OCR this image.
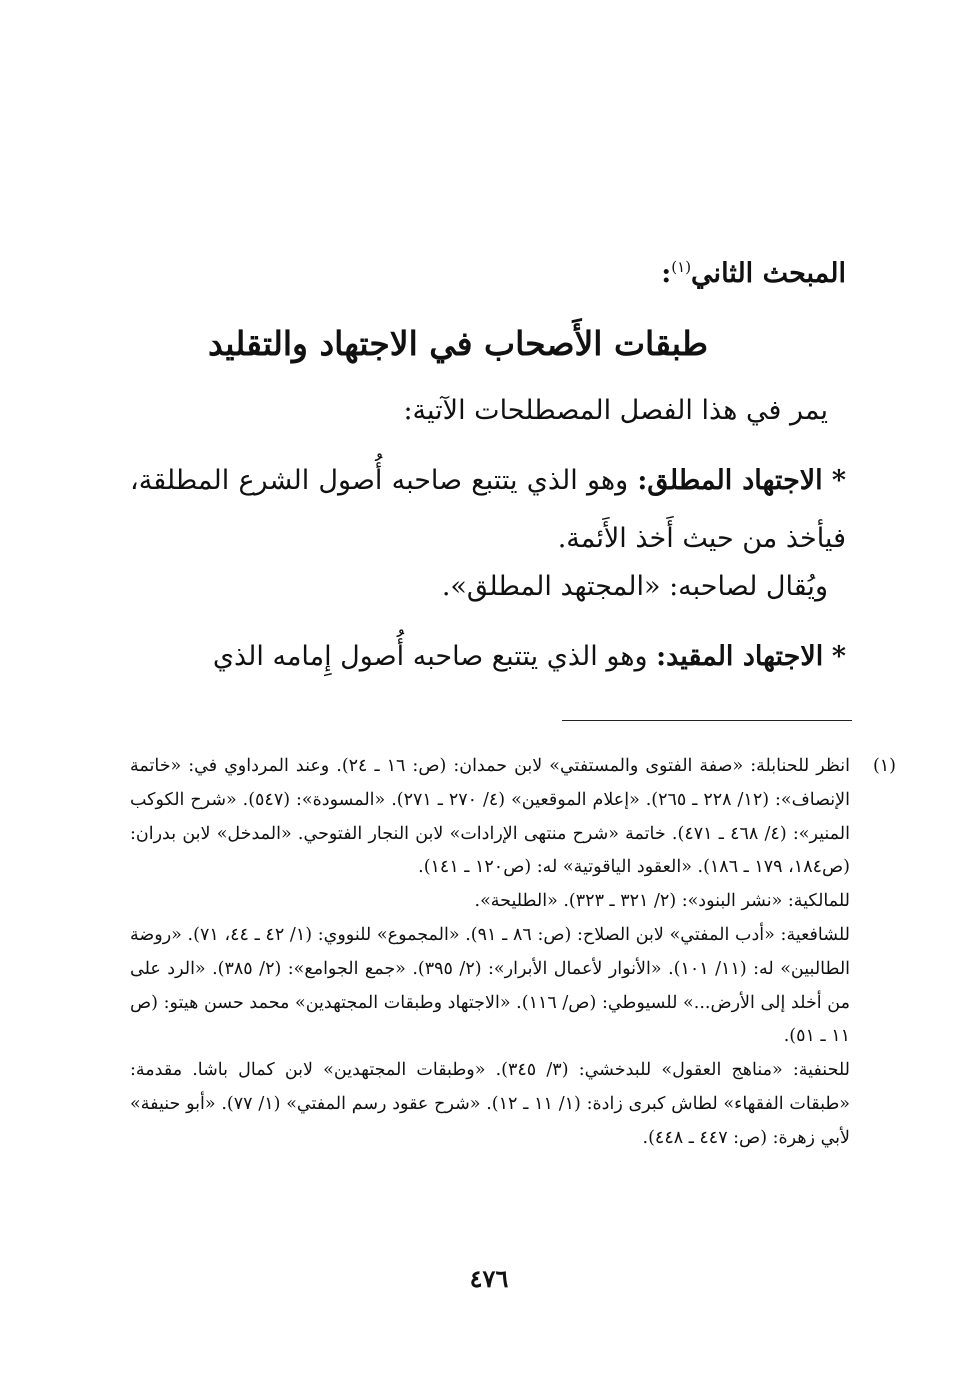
المبحث الثاني$^{(١)}$:
طبقات الأَصحاب في الاجتهاد والتقليد
يمر في هذا الفصل المصطلحات الآتية:
* الاجتهاد المطلق: وهو الذي يتتبع صاحبه أُصول الشرع المطلقة، فيأخذ من حيث أَخذ الأَئمة.
ويُقال لصاحبه: «المجتهد المطلق».
* الاجتهاد المقيد: وهو الذي يتتبع صاحبه أُصول إِمامه الذي
(١)

انظر للحنابلة: «صفة الفتوى والمستفتي» لابن حمدان: (ص: ١٦ ـ ٢٤). وعند المرداوي في: «خاتمة الإنصاف»: (١٢/ ٢٢٨ ـ ٢٦٥). «إعلام الموقعين» (٤/ ٢٧٠ ـ ٢٧١). «المسودة»: (٥٤٧). «شرح الكوكب المنير»: (٤/ ٤٦٨ ـ ٤٧١). خاتمة «شرح منتهى الإرادات» لابن النجار الفتوحي. «المدخل» لابن بدران: (ص١٨٤، ١٧٩ ـ ١٨٦). «العقود الياقوتية» له: (ص١٢٠ ـ ١٤١).

للمالكية: «نشر البنود»: (٢/ ٣٢١ ـ ٣٢٣). «الطليحة».

للشافعية: «أدب المفتي» لابن الصلاح: (ص: ٨٦ ـ ٩١). «المجموع» للنووي: (١/ ٤٢ ـ ٤٤، ٧١). «روضة الطالبين» له: (١١/ ١٠١). «الأنوار لأعمال الأبرار»: (٢/ ٣٩٥). «جمع الجوامع»: (٢/ ٣٨٥). «الرد على من أخلد إلى الأرض...» للسيوطي: (ص/ ١١٦). «الاجتهاد وطبقات المجتهدين» محمد حسن هيتو: (ص ١١ ـ ٥١).

للحنفية: «مناهج العقول» للبدخشي: (٣/ ٣٤٥). «وطبقات المجتهدين» لابن كمال باشا. مقدمة: «طبقات الفقهاء» لطاش كبرى زادة: (١/ ١١ ـ ١٢). «شرح عقود رسم المفتي» (١/ ٧٧). «أبو حنيفة» لأبي زهرة: (ص: ٤٤٧ ـ ٤٤٨).

٤٧٦
